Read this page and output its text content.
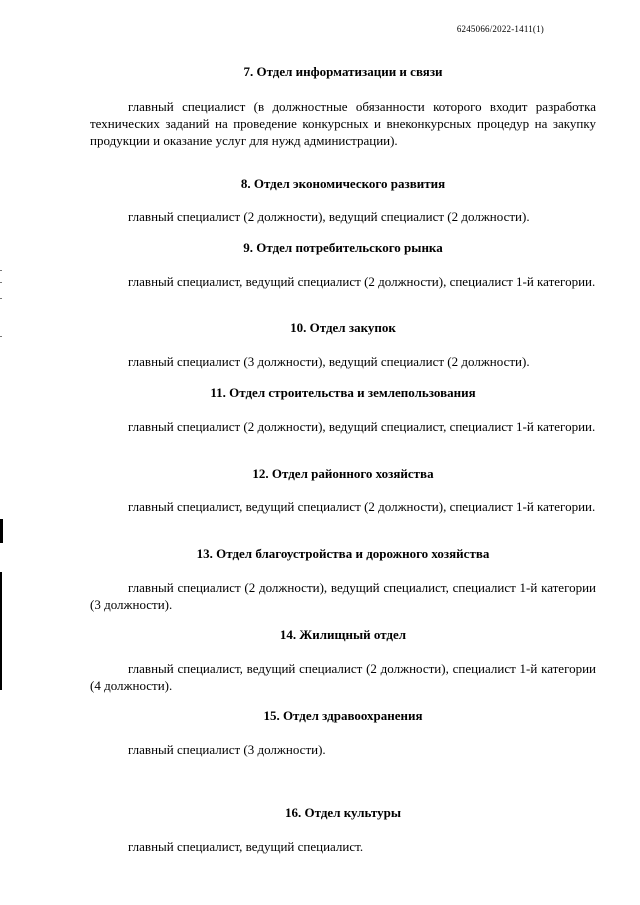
6245066/2022-1411(1)

7. Отдел информатизации и связи

главный специалист (в должностные обязанности которого входит разработка технических заданий на проведение конкурсных и внеконкурсных процедур на закупку продукции и оказание услуг для нужд администрации).

8. Отдел экономического развития

главный специалист (2 должности), ведущий специалист (2 должности).

9. Отдел потребительского рынка

главный специалист, ведущий специалист (2 должности), специалист 1-й категории.

10. Отдел закупок

главный специалист (3 должности), ведущий специалист (2 должности).

11. Отдел строительства и землепользования

главный специалист (2 должности), ведущий специалист, специалист 1-й категории.

12. Отдел районного хозяйства

главный специалист, ведущий специалист (2 должности), специалист 1-й категории.

13. Отдел благоустройства и дорожного хозяйства

главный специалист (2 должности), ведущий специалист, специалист 1-й категории (3 должности).

14. Жилищный отдел

главный специалист, ведущий специалист (2 должности), специалист 1-й категории (4 должности).

15. Отдел здравоохранения

главный специалист (3 должности).

16. Отдел культуры

главный специалист, ведущий специалист.
